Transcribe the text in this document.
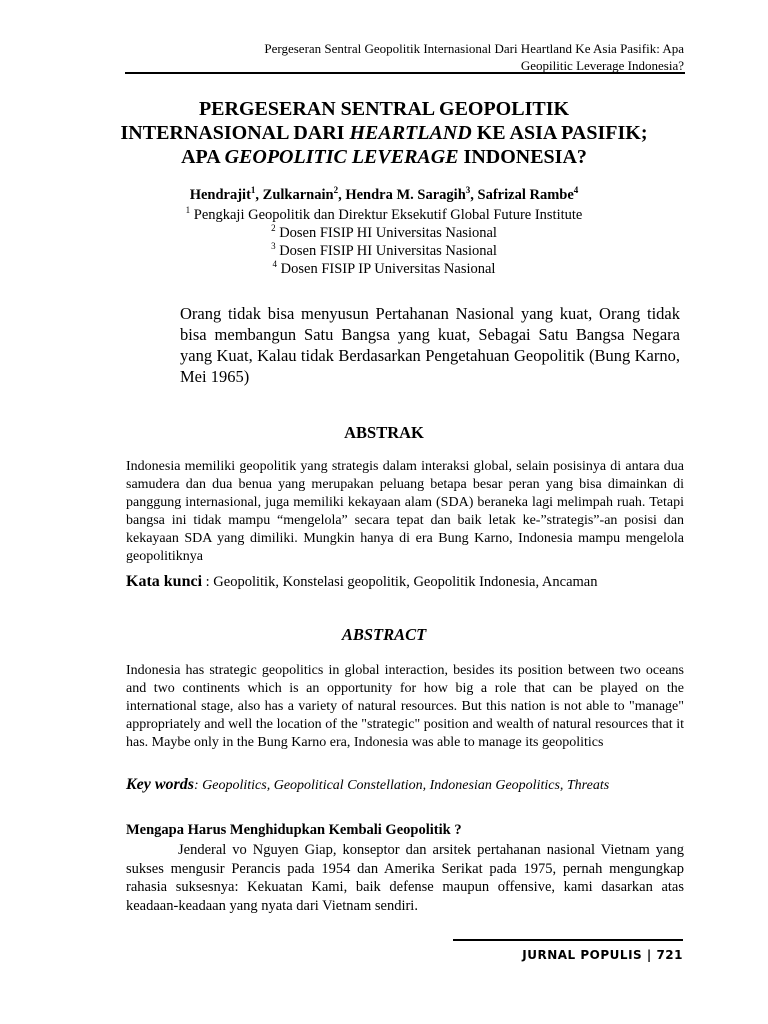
Pergeseran Sentral Geopolitik Internasional Dari Heartland Ke Asia Pasifik: Apa
Geopilitic Leverage Indonesia?
PERGESERAN SENTRAL GEOPOLITIK
INTERNASIONAL DARI HEARTLAND KE ASIA PASIFIK;
APA GEOPOLITIC LEVERAGE INDONESIA?
Hendrajit$^1$, Zulkarnain$^2$, Hendra M. Saragih$^3$, Safrizal Rambe$^4$
$^1$ Pengkaji Geopolitik dan Direktur Eksekutif Global Future Institute
$^2$ Dosen FISIP HI Universitas Nasional
$^3$ Dosen FISIP HI Universitas Nasional
$^4$ Dosen FISIP IP Universitas Nasional
Orang tidak bisa menyusun Pertahanan Nasional yang kuat, Orang tidak bisa membangun Satu Bangsa yang kuat, Sebagai Satu Bangsa Negara yang Kuat, Kalau tidak Berdasarkan Pengetahuan Geopolitik (Bung Karno, Mei 1965)
ABSTRAK
Indonesia memiliki geopolitik yang strategis dalam interaksi global, selain posisinya di antara dua samudera dan dua benua yang merupakan peluang betapa besar peran yang bisa dimainkan di panggung internasional, juga memiliki kekayaan alam (SDA) beraneka lagi melimpah ruah. Tetapi bangsa ini tidak mampu “mengelola” secara tepat dan baik letak ke-”strategis”-an posisi dan kekayaan SDA yang dimiliki. Mungkin hanya di era Bung Karno, Indonesia mampu mengelola geopolitiknya
Kata kunci : Geopolitik, Konstelasi geopolitik, Geopolitik Indonesia, Ancaman
ABSTRACT
Indonesia has strategic geopolitics in global interaction, besides its position between two oceans and two continents which is an opportunity for how big a role that can be played on the international stage, also has a variety of natural resources. But this nation is not able to "manage" appropriately and well the location of the "strategic" position and wealth of natural resources that it has. Maybe only in the Bung Karno era, Indonesia was able to manage its geopolitics
Key words: Geopolitics, Geopolitical Constellation, Indonesian Geopolitics, Threats
Mengapa Harus Menghidupkan Kembali Geopolitik ?
Jenderal vo Nguyen Giap, konseptor dan arsitek pertahanan nasional Vietnam yang sukses mengusir Perancis pada 1954 dan Amerika Serikat pada 1975, pernah mengungkap rahasia suksesnya: Kekuatan Kami, baik defense maupun offensive, kami dasarkan atas keadaan-keadaan yang nyata dari Vietnam sendiri.
JURNAL POPULIS | 721
